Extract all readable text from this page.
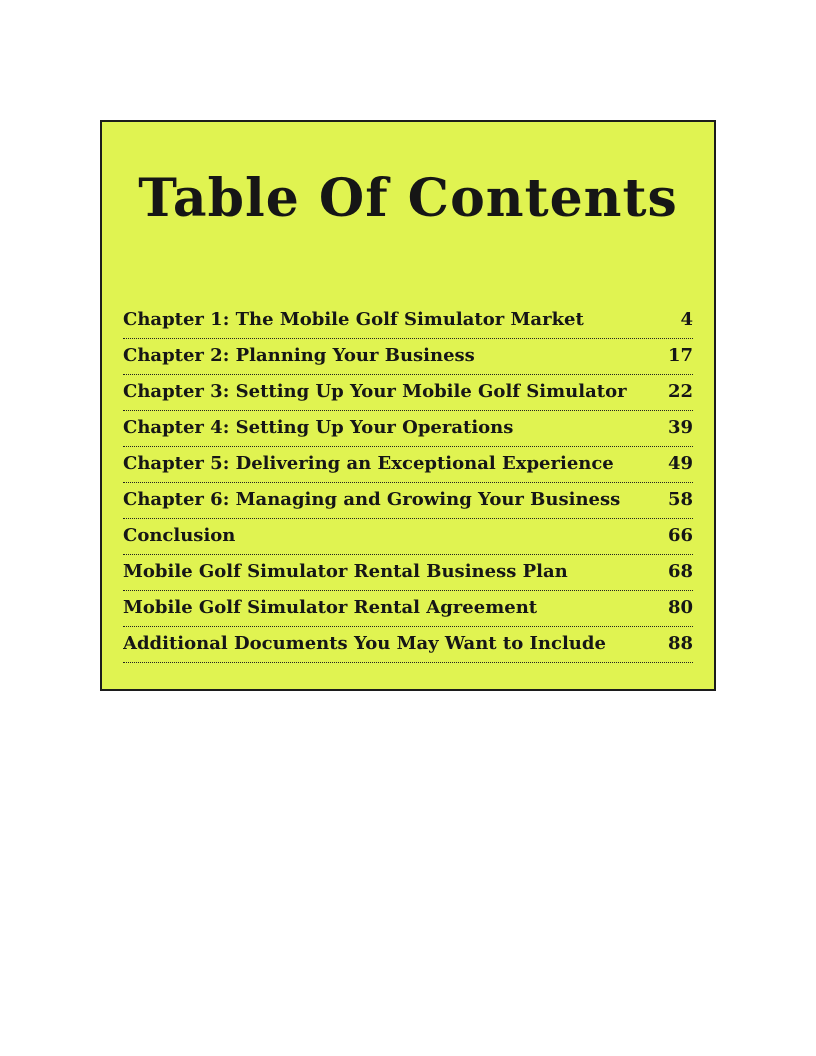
Table Of Contents
Chapter 1: The Mobile Golf Simulator Market	4
Chapter 2: Planning Your Business	17
Chapter 3: Setting Up Your Mobile Golf Simulator	22
Chapter 4: Setting Up Your Operations	39
Chapter 5: Delivering an Exceptional Experience	49
Chapter 6: Managing and Growing Your Business	58
Conclusion	66
Mobile Golf Simulator Rental Business Plan	68
Mobile Golf Simulator Rental Agreement	80
Additional Documents You May Want to Include	88
